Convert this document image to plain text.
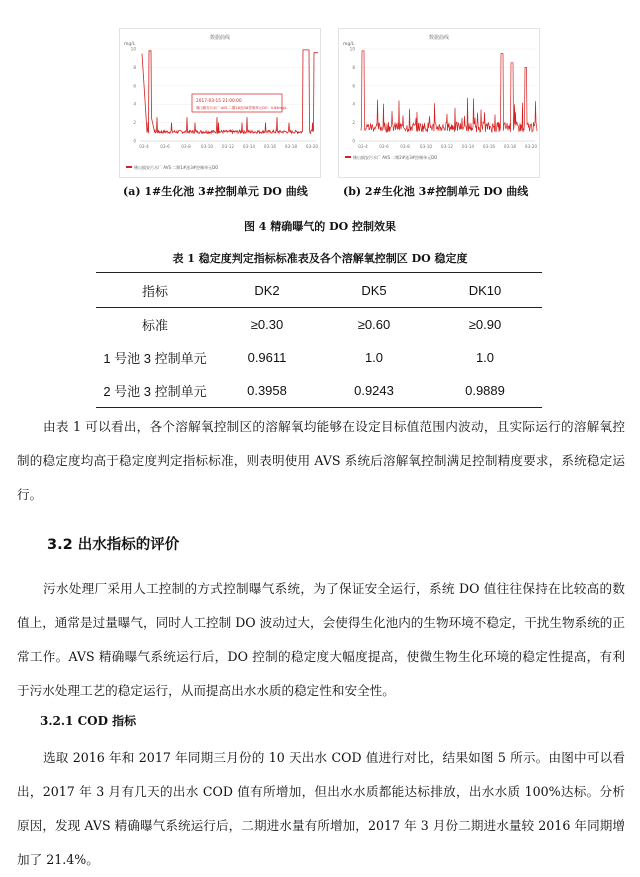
数据曲线
mg/L
10
8
6
4
2
0
03-4	03-6	03-8 03-10 03-12 03-14 03-16 03-18 03-20
2017-03-15 21:00:00
佛山镇安污水厂 AVS 二期1#池3#控制单元DO：0.84mg/L
佛山镇安污水厂 AVS 二期1#池3#控制单元DO
数据曲线
mg/L
10
8
6
4
2
0
03-4	03-6	03-8 03-10 03-12 03-14 03-16 03-18 03-20
佛山镇安污水厂 AVS 二期2#池3#控制单元DO
(a) 1#生化池 3#控制单元 DO 曲线	(b) 2#生化池 3#控制单元 DO 曲线
图 4 精确曝气的 DO 控制效果
表 1 稳定度判定指标标准表及各个溶解氧控制区 DO 稳定度
指标	DK2	DK5	DK10
标准	≥0.30	≥0.60	≥0.90
1 号池 3 控制单元	0.9611	1.0	1.0
2 号池 3 控制单元	0.3958	0.9243	0.9889

由表 1 可以看出，各个溶解氧控制区的溶解氧均能够在设定目标值范围内波动，且实际运行的溶解氧控制的稳定度均高于稳定度判定指标标准，则表明使用 AVS 系统后溶解氧控制满足控制精度要求，系统稳定运行。

3.2 出水指标的评价

污水处理厂采用人工控制的方式控制曝气系统，为了保证安全运行，系统 DO 值往往保持在比较高的数值上，通常是过量曝气，同时人工控制 DO 波动过大，会使得生化池内的生物环境不稳定，干扰生物系统的正常工作。AVS 精确曝气系统运行后，DO 控制的稳定度大幅度提高，使微生物生化环境的稳定性提高，有利于污水处理工艺的稳定运行，从而提高出水水质的稳定性和安全性。

3.2.1 COD 指标

选取 2016 年和 2017 年同期三月份的 10 天出水 COD 值进行对比，结果如图 5 所示。由图中可以看出，2017 年 3 月有几天的出水 COD 值有所增加，但出水水质都能达标排放，出水水质 100%达标。分析原因，发现 AVS 精确曝气系统运行后，二期进水量有所增加，2017 年 3 月份二期进水量较 2016 年同期增加了 21.4%。
